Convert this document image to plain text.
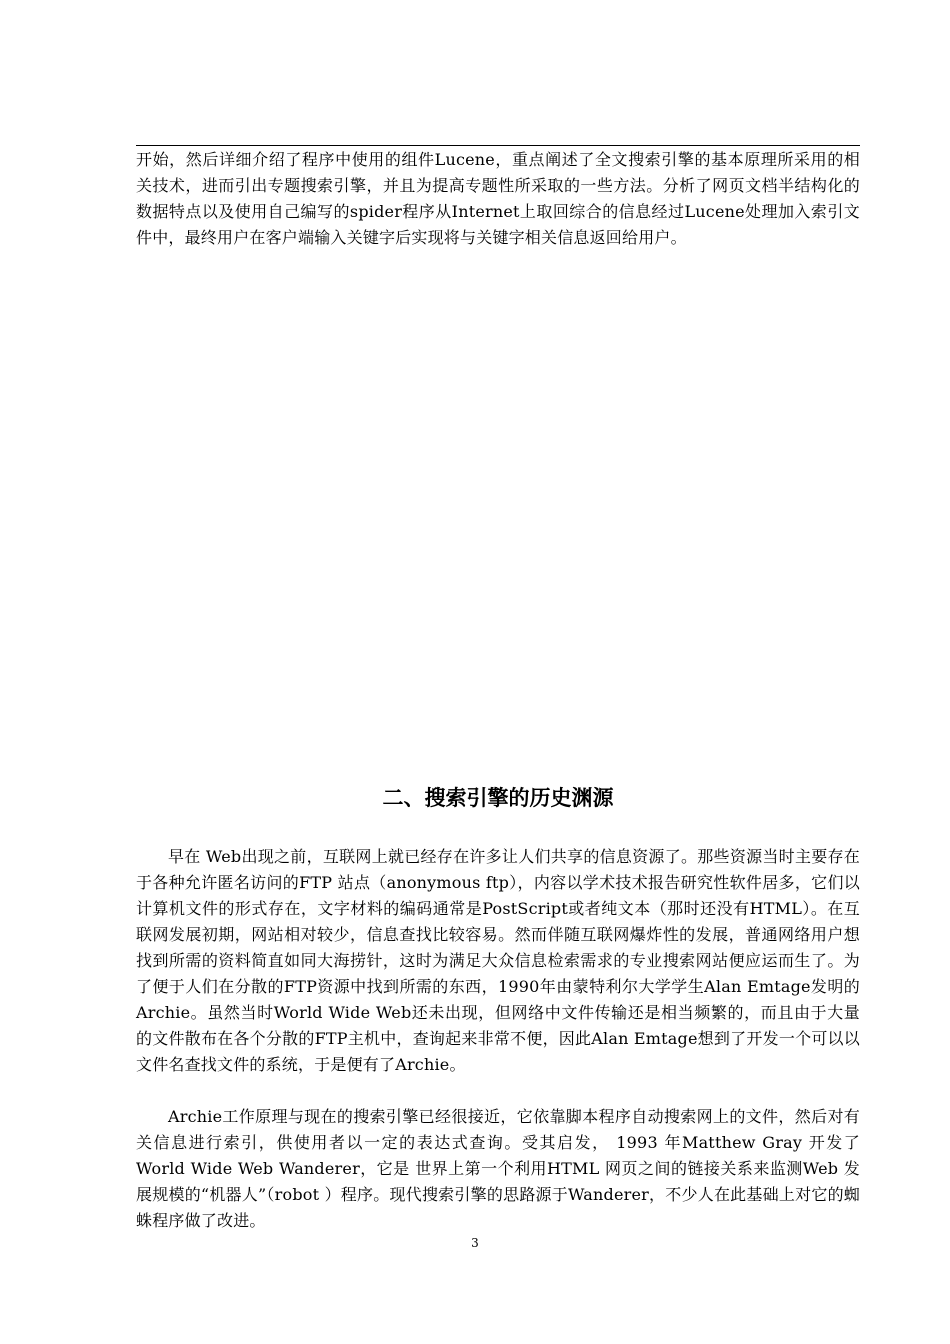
开始，然后详细介绍了程序中使用的组件Lucene，重点阐述了全文搜索引擎的基本原理所采用的相关技术，进而引出专题搜索引擎，并且为提高专题性所采取的一些方法。分析了网页文档半结构化的数据特点以及使用自己编写的spider程序从Internet上取回综合的信息经过Lucene处理加入索引文件中，最终用户在客户端输入关键字后实现将与关键字相关信息返回给用户。

二、搜索引擎的历史渊源

早在 Web出现之前，互联网上就已经存在许多让人们共享的信息资源了。那些资源当时主要存在于各种允许匿名访问的FTP 站点（anonymous ftp），内容以学术技术报告研究性软件居多，它们以计算机文件的形式存在，文字材料的编码通常是PostScript或者纯文本（那时还没有HTML）。在互联网发展初期，网站相对较少，信息查找比较容易。然而伴随互联网爆炸性的发展，普通网络用户想找到所需的资料简直如同大海捞针，这时为满足大众信息检索需求的专业搜索网站便应运而生了。为了便于人们在分散的FTP资源中找到所需的东西，1990年由蒙特利尔大学学生Alan Emtage发明的Archie。虽然当时World Wide Web还未出现，但网络中文件传输还是相当频繁的，而且由于大量的文件散布在各个分散的FTP主机中，查询起来非常不便，因此Alan Emtage想到了开发一个可以以文件名查找文件的系统，于是便有了Archie。

Archie工作原理与现在的搜索引擎已经很接近，它依靠脚本程序自动搜索网上的文件，然后对有关信息进行索引，供使用者以一定的表达式查询。受其启发， 1993 年Matthew Gray 开发了World Wide Web Wanderer，它是 世界上第一个利用HTML 网页之间的链接关系来监测Web 发展规模的“机器人”（robot ）程序。现代搜索引擎的思路源于Wanderer，不少人在此基础上对它的蜘蛛程序做了改进。

3
